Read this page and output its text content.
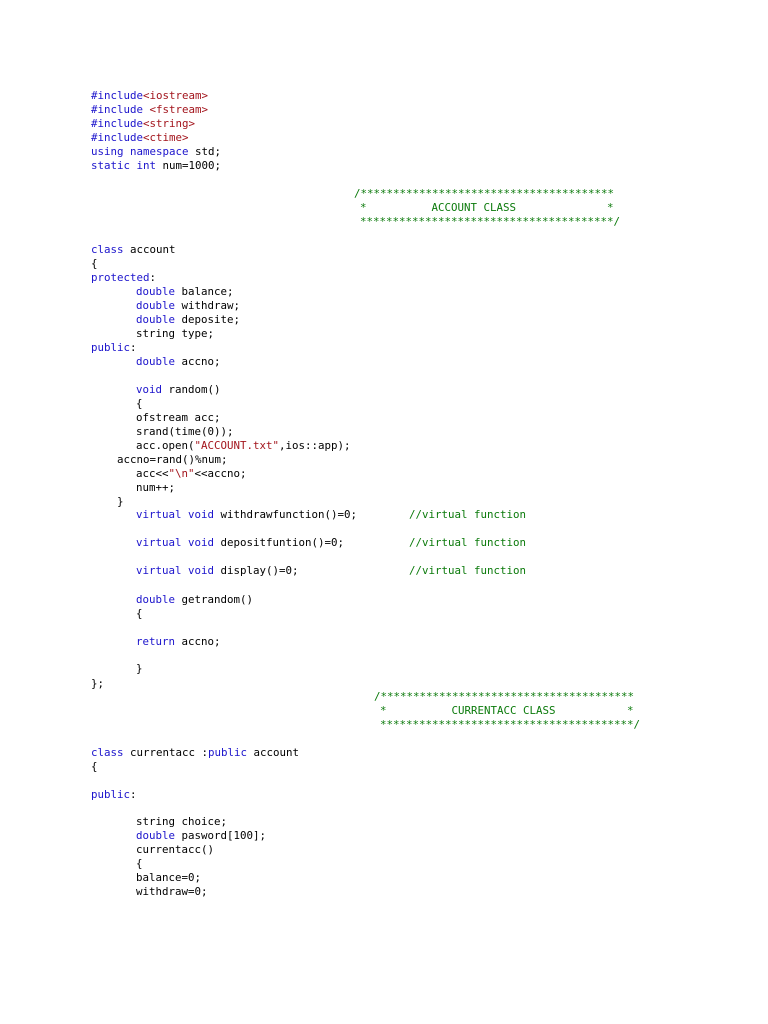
#include<iostream>
#include <fstream>
#include<string>
#include<ctime>
using namespace std;
static int num=1000;
/***************************************
*          ACCOUNT CLASS              *
***************************************/
class account
{
protected:
double balance;
double withdraw;
double deposite;
string type;
public:
double accno;
void random()
{
ofstream acc;
srand(time(0));
acc.open("ACCOUNT.txt",ios::app);
accno=rand()%num;
acc<<"\n"<<accno;
num++;
}
virtual void withdrawfunction()=0;        //virtual function
virtual void depositfuntion()=0;          //virtual function
virtual void display()=0;                 //virtual function
double getrandom()
{
return accno;
}
};
/***************************************
*          CURRENTACC CLASS           *
***************************************/
class currentacc :public account
{
public:
string choice;
double pasword[100];
currentacc()
{
balance=0;
withdraw=0;
